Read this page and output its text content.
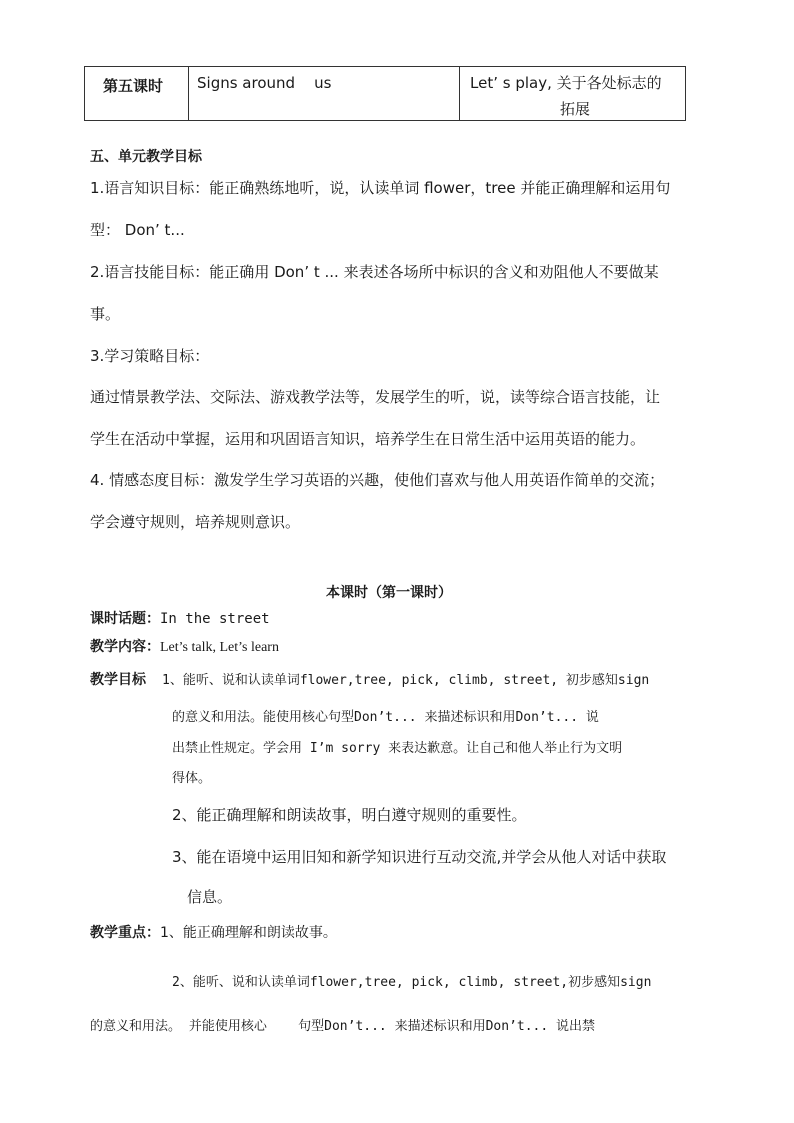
第五课时 Signs around    us	Let’ s play, 关于各处标志的
拓展
五、单元教学目标
1.语言知识目标：能正确熟练地听，说，认读单词 flower，tree 并能正确理解和运用句
型： Don’ t...
2.语言技能目标：能正确用 Don’ t ... 来表述各场所中标识的含义和劝阻他人不要做某
事。
3.学习策略目标：
通过情景教学法、交际法、游戏教学法等，发展学生的听，说，读等综合语言技能，让
学生在活动中掌握，运用和巩固语言知识，培养学生在日常生活中运用英语的能力。
4. 情感态度目标：激发学生学习英语的兴趣，使他们喜欢与他人用英语作简单的交流；
学会遵守规则，培养规则意识。
本课时（第一课时）
课时话题：In the street
教学内容：Let’s talk, Let’s learn
教学目标 1、能听、说和认读单词flower,tree, pick, climb, street, 初步感知sign
的意义和用法。能使用核心句型Don’t... 来描述标识和用Don’t... 说
出禁止性规定。学会用 I’m sorry 来表达歉意。让自己和他人举止行为文明
得体。
2、能正确理解和朗读故事，明白遵守规则的重要性。
3、能在语境中运用旧知和新学知识进行互动交流,并学会从他人对话中获取
信息。
教学重点：1、能正确理解和朗读故事。
2、能听、说和认读单词flower,tree, pick, climb, street,初步感知sign
的意义和用法。 并能使用核心    句型Don’t... 来描述标识和用Don’t... 说出禁
